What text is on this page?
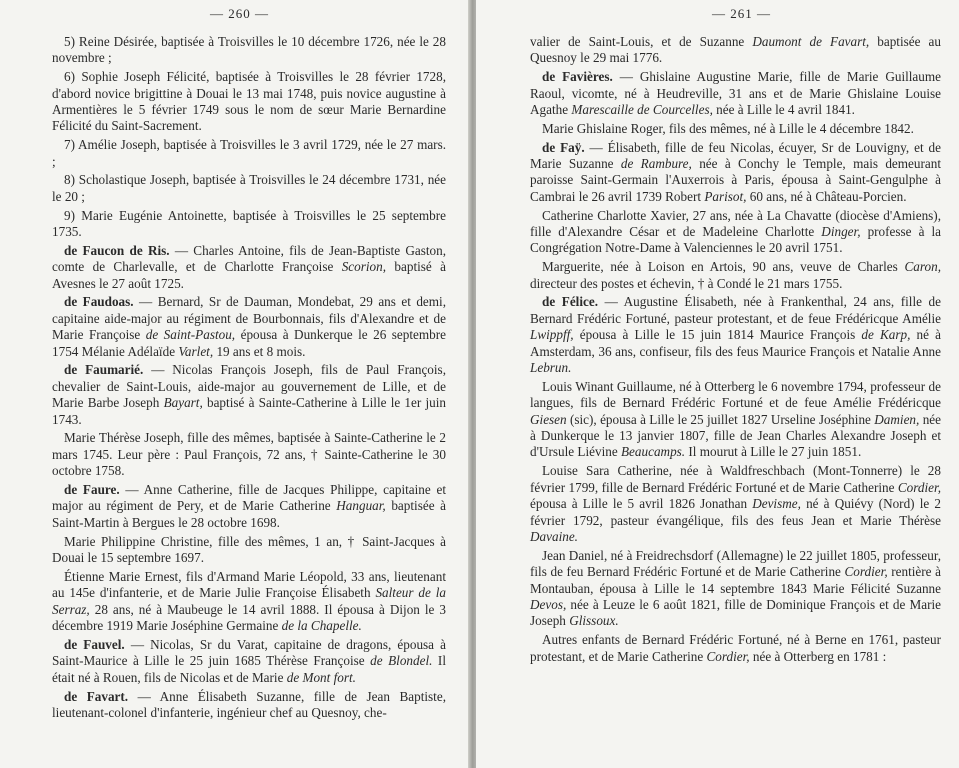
— 260 —

5) Reine Désirée, baptisée à Troisvilles le 10 décembre 1726, née le 28 novembre ;

6) Sophie Joseph Félicité, baptisée à Troisvilles le 28 février 1728, d'abord novice brigittine à Douai le 13 mai 1748, puis novice augustine à Armentières le 5 février 1749 sous le nom de sœur Marie Bernardine Félicité du Saint-Sacrement.

7) Amélie Joseph, baptisée à Troisvilles le 3 avril 1729, née le 27 mars. ;

8) Scholastique Joseph, baptisée à Troisvilles le 24 décembre 1731, née le 20 ;

9) Marie Eugénie Antoinette, baptisée à Troisvilles le 25 septembre 1735.

de Faucon de Ris. — Charles Antoine, fils de Jean-Baptiste Gaston, comte de Charlevalle, et de Charlotte Françoise Scorion, baptisé à Avesnes le 27 août 1725.

de Faudoas. — Bernard, Sr de Dauman, Mondebat, 29 ans et demi, capitaine aide-major au régiment de Bourbonnais, fils d'Alexandre et de Marie Françoise de Saint-Pastou, épousa à Dunkerque le 26 septembre 1754 Mélanie Adélaïde Varlet, 19 ans et 8 mois.

de Faumarié. — Nicolas François Joseph, fils de Paul François, chevalier de Saint-Louis, aide-major au gouvernement de Lille, et de Marie Barbe Joseph Bayart, baptisé à Sainte-Catherine à Lille le 1er juin 1743.

Marie Thérèse Joseph, fille des mêmes, baptisée à Sainte-Catherine le 2 mars 1745. Leur père : Paul François, 72 ans, † Sainte-Catherine le 30 octobre 1758.

de Faure. — Anne Catherine, fille de Jacques Philippe, capitaine et major au régiment de Pery, et de Marie Catherine Hanguar, baptisée à Saint-Martin à Bergues le 28 octobre 1698.

Marie Philippine Christine, fille des mêmes, 1 an, † Saint-Jacques à Douai le 15 septembre 1697.

Étienne Marie Ernest, fils d'Armand Marie Léopold, 33 ans, lieutenant au 145e d'infanterie, et de Marie Julie Françoise Élisabeth Salteur de la Serraz, 28 ans, né à Maubeuge le 14 avril 1888. Il épousa à Dijon le 3 décembre 1919 Marie Joséphine Germaine de la Chapelle.

de Fauvel. — Nicolas, Sr du Varat, capitaine de dragons, épousa à Saint-Maurice à Lille le 25 juin 1685 Thérèse Françoise de Blondel. Il était né à Rouen, fils de Nicolas et de Marie de Mont fort.

de Favart. — Anne Élisabeth Suzanne, fille de Jean Baptiste, lieutenant-colonel d'infanterie, ingénieur chef au Quesnoy, che-

— 261 —

valier de Saint-Louis, et de Suzanne Daumont de Favart, baptisée au Quesnoy le 29 mai 1776.

de Favières. — Ghislaine Augustine Marie, fille de Marie Guillaume Raoul, vicomte, né à Heudreville, 31 ans et de Marie Ghislaine Louise Agathe Marescaille de Courcelles, née à Lille le 4 avril 1841.

Marie Ghislaine Roger, fils des mêmes, né à Lille le 4 décembre 1842.

de Faÿ. — Élisabeth, fille de feu Nicolas, écuyer, Sr de Louvigny, et de Marie Suzanne de Rambure, née à Conchy le Temple, mais demeurant paroisse Saint-Germain l'Auxerrois à Paris, épousa à Saint-Gengulphe à Cambrai le 26 avril 1739 Robert Parisot, 60 ans, né à Château-Porcien.

Catherine Charlotte Xavier, 27 ans, née à La Chavatte (diocèse d'Amiens), fille d'Alexandre César et de Madeleine Charlotte Dinger, professe à la Congrégation Notre-Dame à Valenciennes le 20 avril 1751.

Marguerite, née à Loison en Artois, 90 ans, veuve de Charles Caron, directeur des postes et échevin, † à Condé le 21 mars 1755.

de Félice. — Augustine Élisabeth, née à Frankenthal, 24 ans, fille de Bernard Frédéric Fortuné, pasteur protestant, et de feue Frédéricque Amélie Lwippff, épousa à Lille le 15 juin 1814 Maurice François de Karp, né à Amsterdam, 36 ans, confiseur, fils des feus Maurice François et Natalie Anne Lebrun.

Louis Winant Guillaume, né à Otterberg le 6 novembre 1794, professeur de langues, fils de Bernard Frédéric Fortuné et de feue Amélie Frédéricque Giesen (sic), épousa à Lille le 25 juillet 1827 Urseline Joséphine Damien, née à Dunkerque le 13 janvier 1807, fille de Jean Charles Alexandre Joseph et d'Ursule Liévine Beaucamps. Il mourut à Lille le 27 juin 1851.

Louise Sara Catherine, née à Waldfreschbach (Mont-Tonnerre) le 28 février 1799, fille de Bernard Frédéric Fortuné et de Marie Catherine Cordier, épousa à Lille le 5 avril 1826 Jonathan Devisme, né à Quiévy (Nord) le 2 février 1792, pasteur évangélique, fils des feus Jean et Marie Thérèse Davaine.

Jean Daniel, né à Freidrechsdorf (Allemagne) le 22 juillet 1805, professeur, fils de feu Bernard Frédéric Fortuné et de Marie Catherine Cordier, rentière à Montauban, épousa à Lille le 14 septembre 1843 Marie Félicité Suzanne Devos, née à Leuze le 6 août 1821, fille de Dominique François et de Marie Joseph Glissoux.

Autres enfants de Bernard Frédéric Fortuné, né à Berne en 1761, pasteur protestant, et de Marie Catherine Cordier, née à Otterberg en 1781 :
